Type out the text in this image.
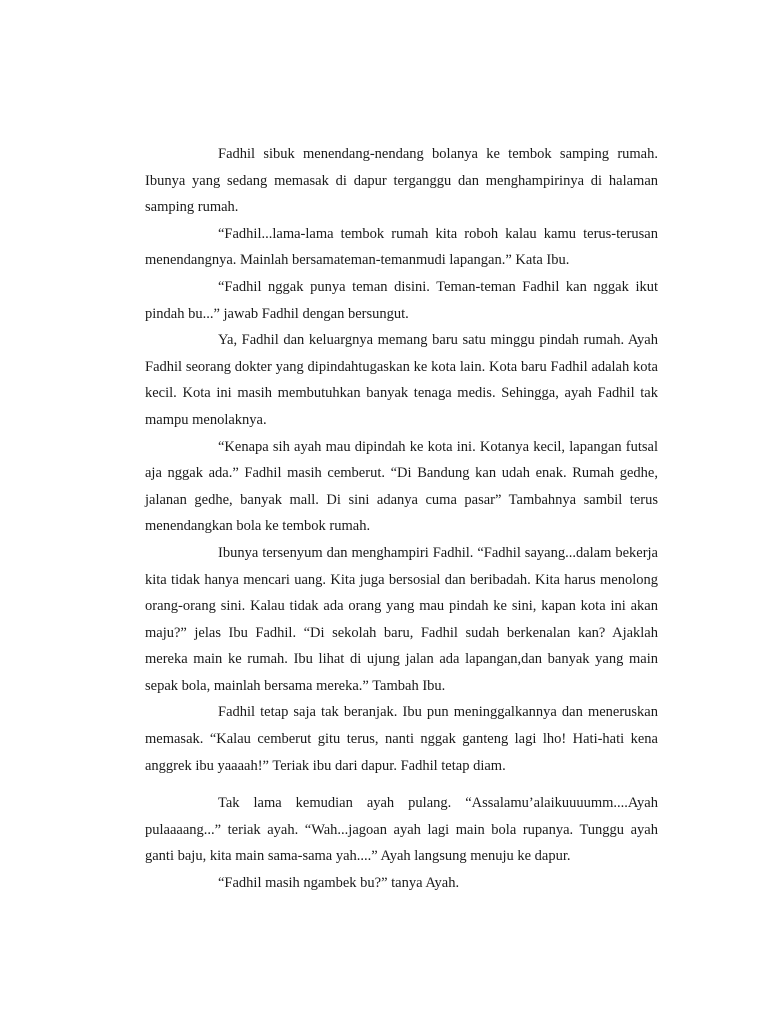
Fadhil sibuk menendang-nendang bolanya ke tembok samping rumah. Ibunya yang sedang memasak di dapur terganggu dan menghampirinya di halaman samping rumah.

“Fadhil...lama-lama tembok rumah kita roboh kalau kamu terus-terusan menendangnya. Mainlah bersamateman-temanmudi lapangan.” Kata Ibu.

“Fadhil nggak punya teman disini. Teman-teman Fadhil kan nggak ikut pindah bu...” jawab Fadhil dengan bersungut.

Ya, Fadhil dan keluargnya memang baru satu minggu pindah rumah. Ayah Fadhil seorang dokter yang dipindahtugaskan ke kota lain. Kota baru Fadhil adalah kota kecil. Kota ini masih membutuhkan banyak tenaga medis. Sehingga, ayah Fadhil tak mampu menolaknya.

“Kenapa sih ayah mau dipindah ke kota ini. Kotanya kecil, lapangan futsal aja nggak ada.” Fadhil masih cemberut. “Di Bandung kan udah enak. Rumah gedhe, jalanan gedhe, banyak mall. Di sini adanya cuma pasar” Tambahnya sambil terus menendangkan bola ke tembok rumah.

Ibunya tersenyum dan menghampiri Fadhil. “Fadhil sayang...dalam bekerja kita tidak hanya mencari uang. Kita juga bersosial dan beribadah. Kita harus menolong orang-orang sini. Kalau tidak ada orang yang mau pindah ke sini, kapan kota ini akan maju?” jelas Ibu Fadhil. “Di sekolah baru, Fadhil sudah berkenalan kan? Ajaklah mereka main ke rumah. Ibu lihat di ujung jalan ada lapangan,dan banyak yang main sepak bola, mainlah bersama mereka.” Tambah Ibu.

Fadhil tetap saja tak beranjak. Ibu pun meninggalkannya dan meneruskan memasak. “Kalau cemberut gitu terus, nanti nggak ganteng lagi lho! Hati-hati kena anggrek ibu yaaaah!” Teriak ibu dari dapur. Fadhil tetap diam.

Tak lama kemudian ayah pulang. “Assalamu’alaikuuuumm....Ayah pulaaaang...” teriak ayah. “Wah...jagoan ayah lagi main bola rupanya. Tunggu ayah ganti baju, kita main sama-sama yah....” Ayah langsung menuju ke dapur.

“Fadhil masih ngambek bu?” tanya Ayah.
